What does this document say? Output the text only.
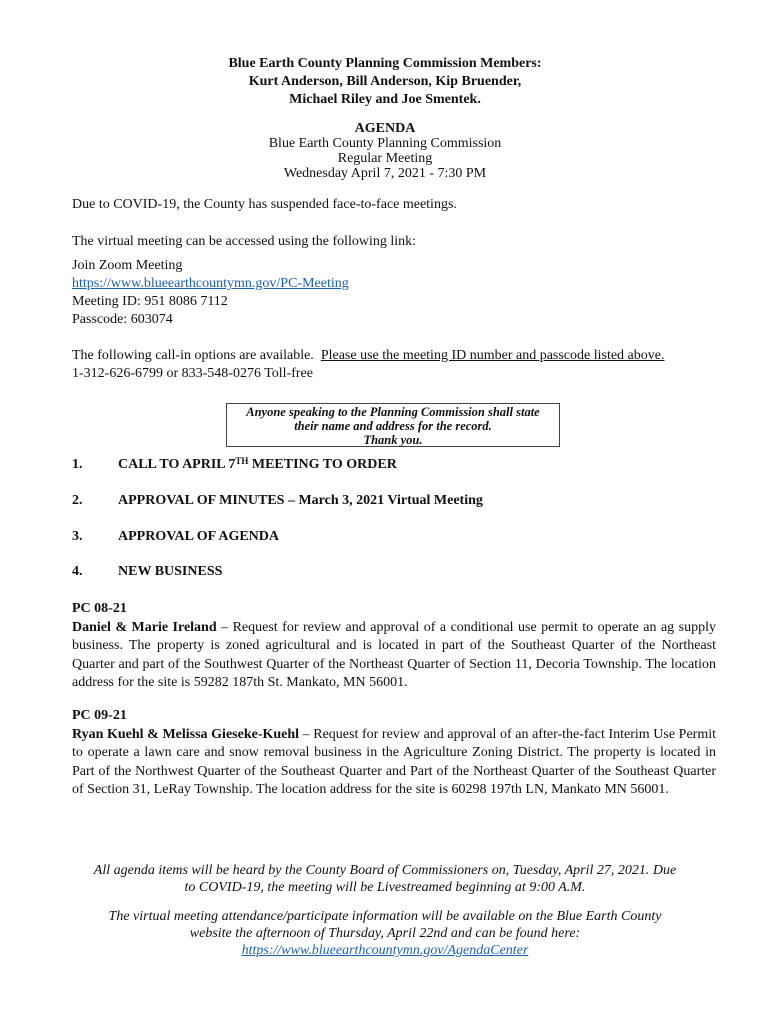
Blue Earth County Planning Commission Members:
Kurt Anderson, Bill Anderson, Kip Bruender,
Michael Riley and Joe Smentek.
AGENDA
Blue Earth County Planning Commission
Regular Meeting
Wednesday April 7, 2021 - 7:30 PM
Due to COVID-19, the County has suspended face-to-face meetings.
The virtual meeting can be accessed using the following link:
Join Zoom Meeting
https://www.blueearthcountymn.gov/PC-Meeting
Meeting ID: 951 8086 7112
Passcode: 603074
The following call-in options are available. Please use the meeting ID number and passcode listed above.
1-312-626-6799 or 833-548-0276 Toll-free
Anyone speaking to the Planning Commission shall state
their name and address for the record.
Thank you.
1.	CALL TO APRIL 7TH MEETING TO ORDER
2.	APPROVAL OF MINUTES – March 3, 2021 Virtual Meeting
3.	APPROVAL OF AGENDA
4.	NEW BUSINESS
PC 08-21
Daniel & Marie Ireland – Request for review and approval of a conditional use permit to operate an ag supply business. The property is zoned agricultural and is located in part of the Southeast Quarter of the Northeast Quarter and part of the Southwest Quarter of the Northeast Quarter of Section 11, Decoria Township. The location address for the site is 59282 187th St. Mankato, MN 56001.
PC 09-21
Ryan Kuehl & Melissa Gieseke-Kuehl – Request for review and approval of an after-the-fact Interim Use Permit to operate a lawn care and snow removal business in the Agriculture Zoning District. The property is located in Part of the Northwest Quarter of the Southeast Quarter and Part of the Northeast Quarter of the Southeast Quarter of Section 31, LeRay Township. The location address for the site is 60298 197th LN, Mankato MN 56001.
All agenda items will be heard by the County Board of Commissioners on, Tuesday, April 27, 2021. Due
to COVID-19, the meeting will be Livestreamed beginning at 9:00 A.M.
The virtual meeting attendance/participate information will be available on the Blue Earth County
website the afternoon of Thursday, April 22nd and can be found here:
https://www.blueearthcountymn.gov/AgendaCenter
